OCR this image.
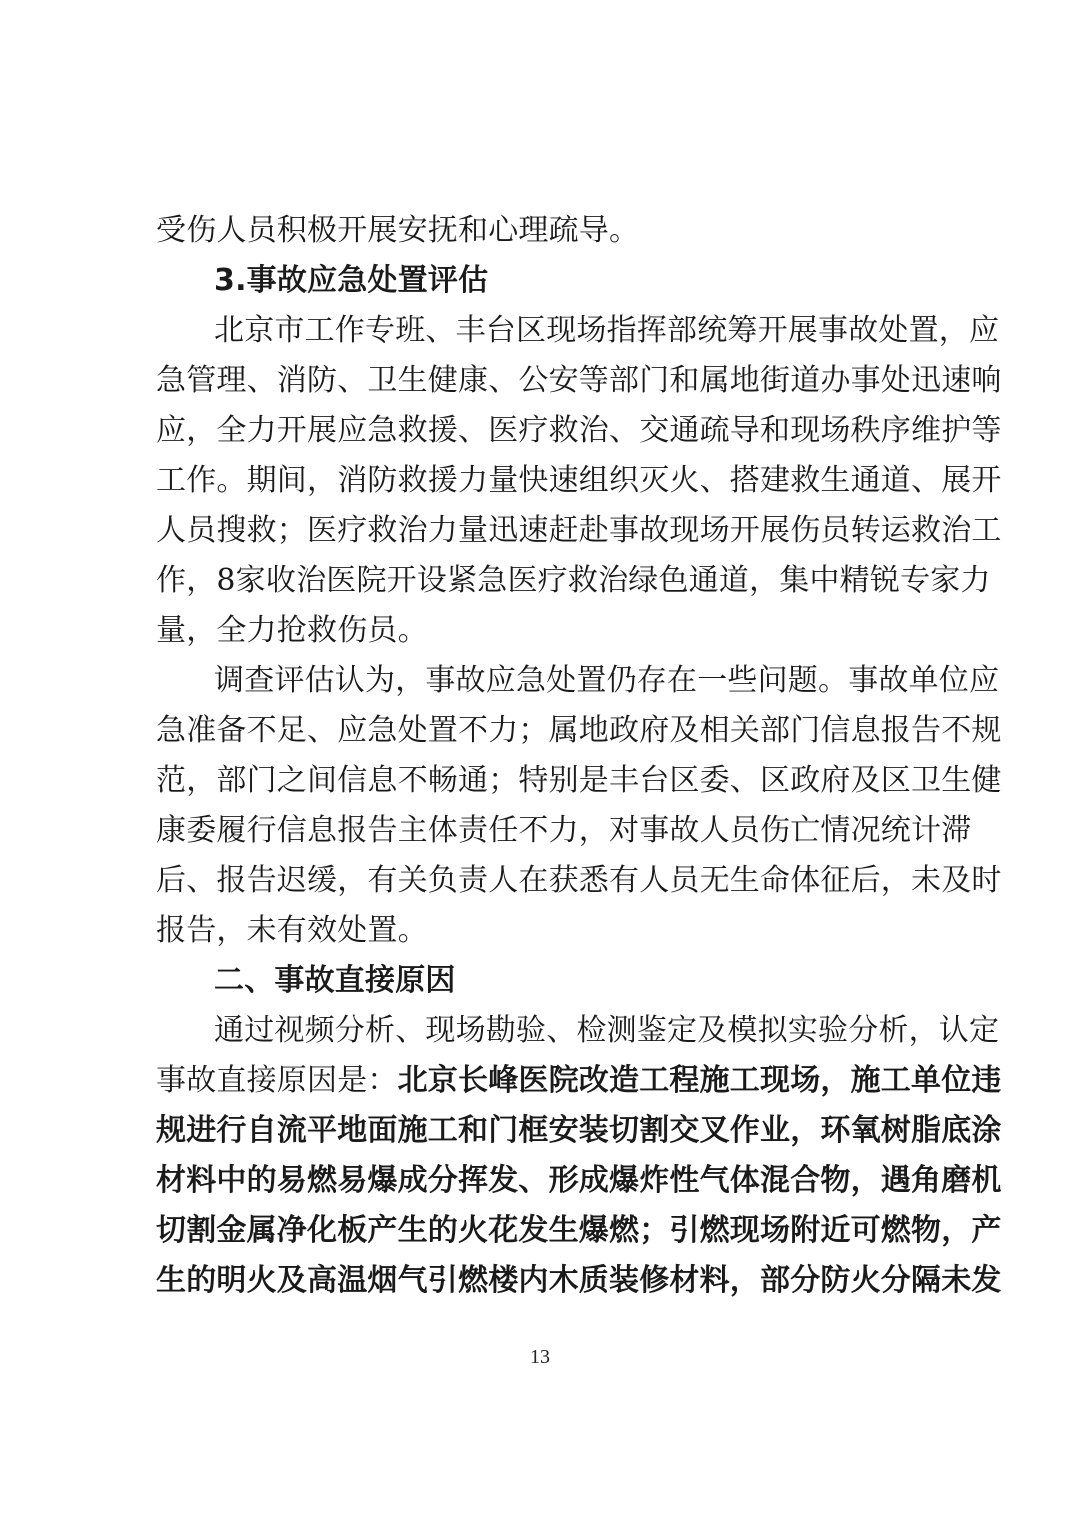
受伤人员积极开展安抚和心理疏导。
3.事故应急处置评估
北京市工作专班、丰台区现场指挥部统筹开展事故处置，应
急管理、消防、卫生健康、公安等部门和属地街道办事处迅速响
应，全力开展应急救援、医疗救治、交通疏导和现场秩序维护等
工作。期间，消防救援力量快速组织灭火、搭建救生通道、展开
人员搜救；医疗救治力量迅速赶赴事故现场开展伤员转运救治工
作，8家收治医院开设紧急医疗救治绿色通道，集中精锐专家力
量，全力抢救伤员。
调查评估认为，事故应急处置仍存在一些问题。事故单位应
急准备不足、应急处置不力；属地政府及相关部门信息报告不规
范，部门之间信息不畅通；特别是丰台区委、区政府及区卫生健
康委履行信息报告主体责任不力，对事故人员伤亡情况统计滞
后、报告迟缓，有关负责人在获悉有人员无生命体征后，未及时
报告，未有效处置。
二、事故直接原因
通过视频分析、现场勘验、检测鉴定及模拟实验分析，认定
事故直接原因是：北京长峰医院改造工程施工现场，施工单位违
规进行自流平地面施工和门框安装切割交叉作业，环氧树脂底涂
材料中的易燃易爆成分挥发、形成爆炸性气体混合物，遇角磨机
切割金属净化板产生的火花发生爆燃；引燃现场附近可燃物，产
生的明火及高温烟气引燃楼内木质装修材料，部分防火分隔未发
13
